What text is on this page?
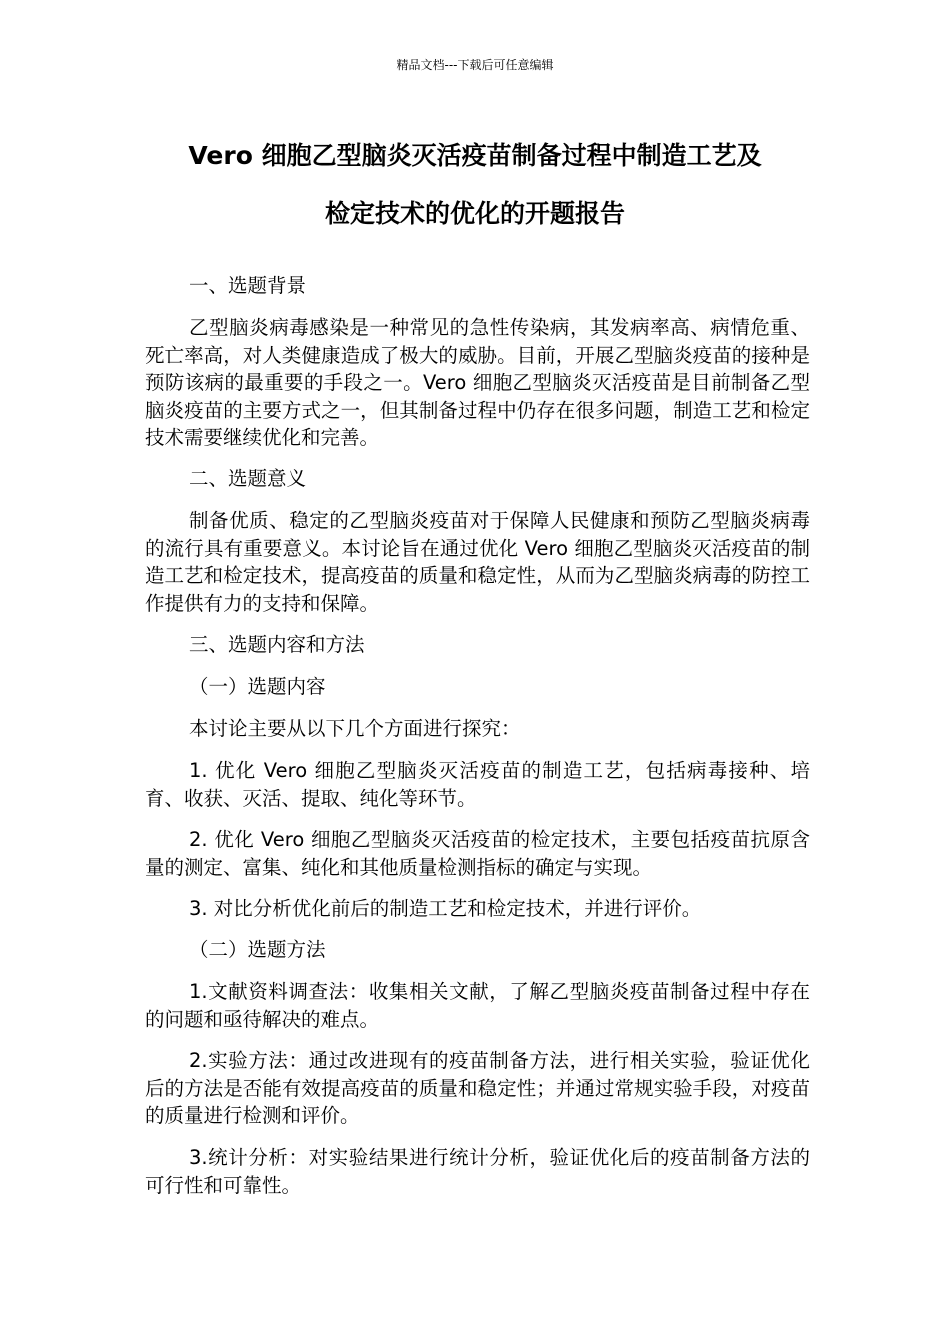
精品文档---下载后可任意编辑
Vero 细胞乙型脑炎灭活疫苗制备过程中制造工艺及
检定技术的优化的开题报告

一、选题背景

乙型脑炎病毒感染是一种常见的急性传染病，其发病率高、病情危重、死亡率高，对人类健康造成了极大的威胁。目前，开展乙型脑炎疫苗的接种是预防该病的最重要的手段之一。Vero 细胞乙型脑炎灭活疫苗是目前制备乙型脑炎疫苗的主要方式之一，但其制备过程中仍存在很多问题，制造工艺和检定技术需要继续优化和完善。

二、选题意义

制备优质、稳定的乙型脑炎疫苗对于保障人民健康和预防乙型脑炎病毒的流行具有重要意义。本讨论旨在通过优化 Vero 细胞乙型脑炎灭活疫苗的制造工艺和检定技术，提高疫苗的质量和稳定性，从而为乙型脑炎病毒的防控工作提供有力的支持和保障。

三、选题内容和方法

（一）选题内容

本讨论主要从以下几个方面进行探究：

1. 优化 Vero 细胞乙型脑炎灭活疫苗的制造工艺，包括病毒接种、培育、收获、灭活、提取、纯化等环节。

2. 优化 Vero 细胞乙型脑炎灭活疫苗的检定技术，主要包括疫苗抗原含量的测定、富集、纯化和其他质量检测指标的确定与实现。

3. 对比分析优化前后的制造工艺和检定技术，并进行评价。

（二）选题方法

1.文献资料调查法：收集相关文献，了解乙型脑炎疫苗制备过程中存在的问题和亟待解决的难点。

2.实验方法：通过改进现有的疫苗制备方法，进行相关实验，验证优化后的方法是否能有效提高疫苗的质量和稳定性；并通过常规实验手段，对疫苗的质量进行检测和评价。

3.统计分析：对实验结果进行统计分析，验证优化后的疫苗制备方法的可行性和可靠性。
